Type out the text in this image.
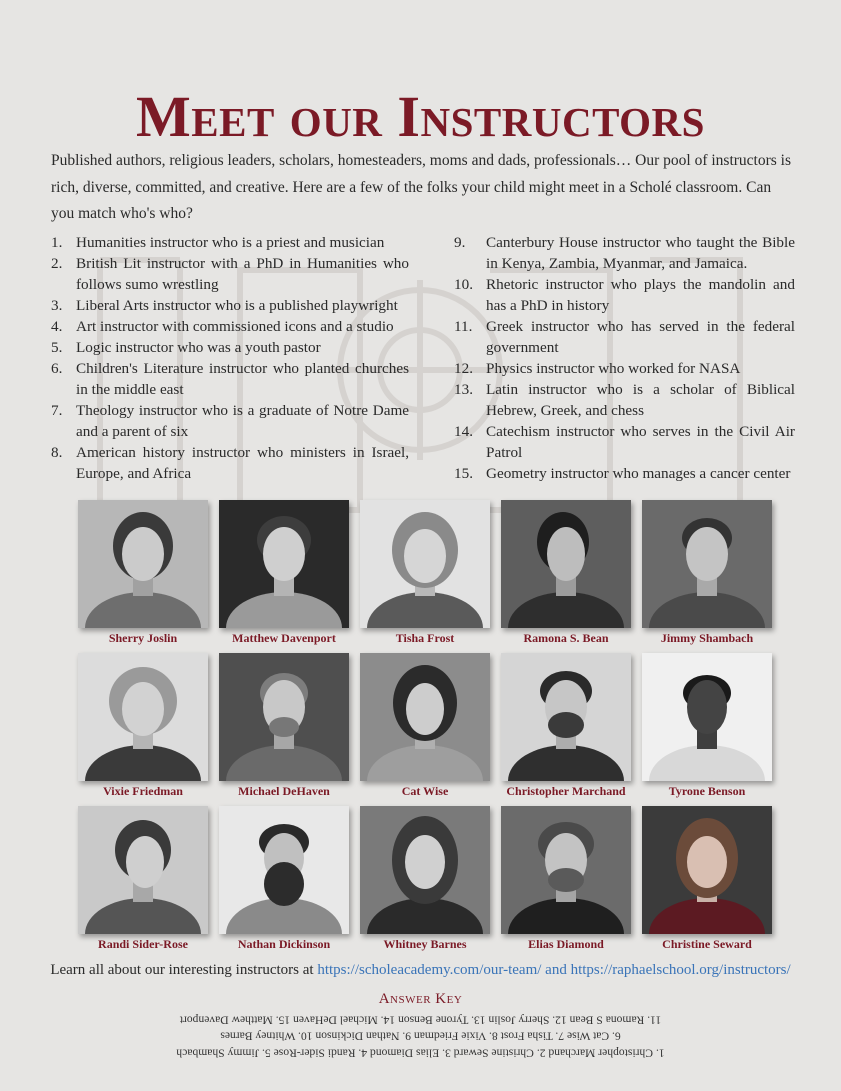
Meet our Instructors

Published authors, religious leaders, scholars, homesteaders, moms and dads, professionals… Our pool of instructors is rich, diverse, committed, and creative. Here are a few of the folks your child might meet in a Scholé classroom. Can you match who's who?

1. Humanities instructor who is a priest and musician
2. British Lit instructor with a PhD in Humanities who follows sumo wrestling
3. Liberal Arts instructor who is a published playwright
4. Art instructor with commissioned icons and a studio
5. Logic instructor who was a youth pastor
6. Children's Literature instructor who planted churches in the middle east
7. Theology instructor who is a graduate of Notre Dame and a parent of six
8. American history instructor who ministers in Israel, Europe, and Africa
9. Canterbury House instructor who taught the Bible in Kenya, Zambia, Myanmar, and Jamaica.
10. Rhetoric instructor who plays the mandolin and has a PhD in history
11. Greek instructor who has served in the federal government
12. Physics instructor who worked for NASA
13. Latin instructor who is a scholar of Biblical Hebrew, Greek, and chess
14. Catechism instructor who serves in the Civil Air Patrol
15. Geometry instructor who manages a cancer center
Sherry Joslin	Matthew Davenport	Tisha Frost	Ramona S. Bean	Jimmy Shambach
Vixie Friedman	Michael DeHaven	Cat Wise	Christopher Marchand	Tyrone Benson
Randi Sider-Rose	Nathan Dickinson	Whitney Barnes	Elias Diamond	Christine Seward
Learn all about our interesting instructors at https://scholeacademy.com/our-team/ and https://raphaelschool.org/instructors/
Answer Key
1. Christopher Marchand 2. Christine Seward 3. Elias Diamond 4. Randi Sider-Rose 5. Jimmy Shambach
6. Cat Wise 7. Tisha Frost 8. Vixie Friedman 9. Nathan Dickinson 10. Whitney Barnes
11. Ramona S Bean 12. Sherry Joslin 13. Tyrone Benson 14. Michael DeHaven 15. Matthew Davenport
